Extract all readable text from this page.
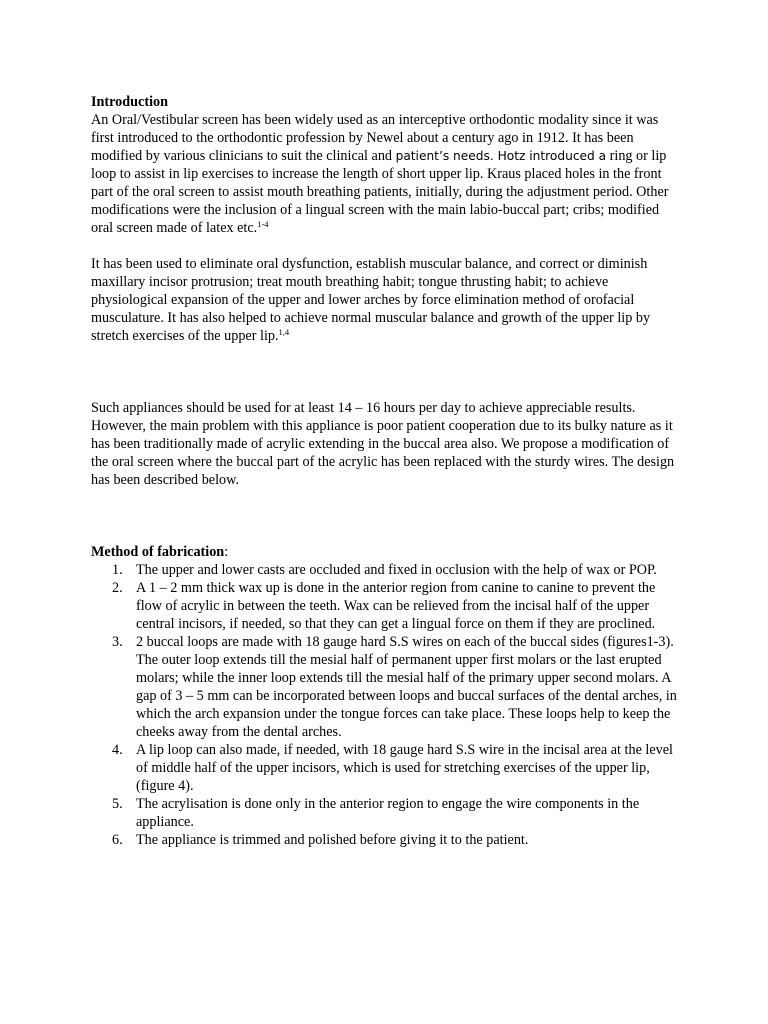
Introduction

An Oral/Vestibular screen has been widely used as an interceptive orthodontic modality since it was first introduced to the orthodontic profession by Newel about a century ago in 1912. It has been modified by various clinicians to suit the clinical and patient’s needs. Hotz introduced a ring or lip loop to assist in lip exercises to increase the length of short upper lip. Kraus placed holes in the front part of the oral screen to assist mouth breathing patients, initially, during the adjustment period. Other modifications were the inclusion of a lingual screen with the main labio-buccal part; cribs; modified oral screen made of latex etc.$^{1-4}$

It has been used to eliminate oral dysfunction, establish muscular balance, and correct or diminish maxillary incisor protrusion; treat mouth breathing habit; tongue thrusting habit; to achieve physiological expansion of the upper and lower arches by force elimination method of orofacial musculature. It has also helped to achieve normal muscular balance and growth of the upper lip by stretch exercises of the upper lip.$^{1,4}$

Such appliances should be used for at least 14 – 16 hours per day to achieve appreciable results. However, the main problem with this appliance is poor patient cooperation due to its bulky nature as it has been traditionally made of acrylic extending in the buccal area also. We propose a modification of the oral screen where the buccal part of the acrylic has been replaced with the sturdy wires. The design has been described below.

Method of fabrication:
1. The upper and lower casts are occluded and fixed in occlusion with the help of wax or POP.
2. A 1 – 2 mm thick wax up is done in the anterior region from canine to canine to prevent the flow of acrylic in between the teeth. Wax can be relieved from the incisal half of the upper central incisors, if needed, so that they can get a lingual force on them if they are proclined.
3. 2 buccal loops are made with 18 gauge hard S.S wires on each of the buccal sides (figures1-3). The outer loop extends till the mesial half of permanent upper first molars or the last erupted molars; while the inner loop extends till the mesial half of the primary upper second molars. A gap of 3 – 5 mm can be incorporated between loops and buccal surfaces of the dental arches, in which the arch expansion under the tongue forces can take place. These loops help to keep the cheeks away from the dental arches.
4. A lip loop can also made, if needed, with 18 gauge hard S.S wire in the incisal area at the level of middle half of the upper incisors, which is used for stretching exercises of the upper lip, (figure 4).
5. The acrylisation is done only in the anterior region to engage the wire components in the appliance.
6. The appliance is trimmed and polished before giving it to the patient.
